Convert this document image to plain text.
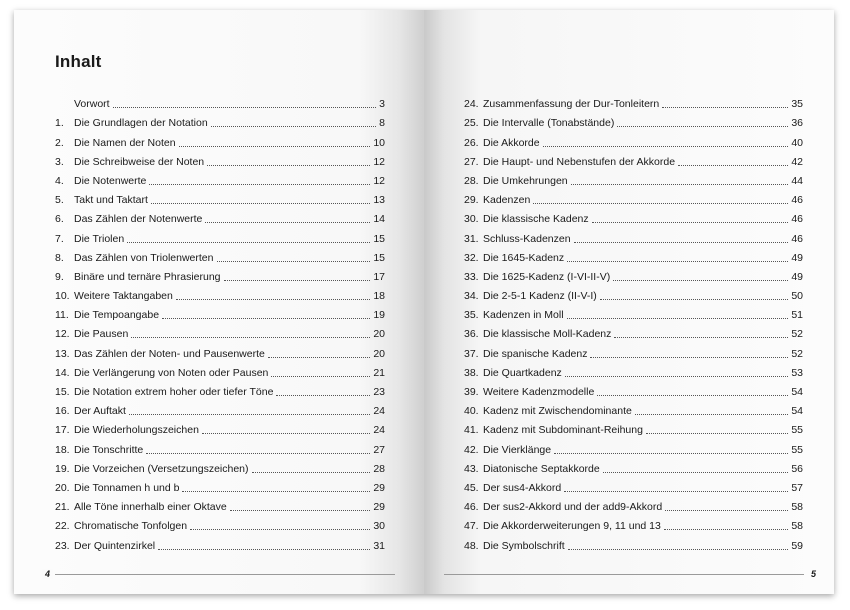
Inhalt
Vorwort	3
1. Die Grundlagen der Notation	8
2. Die Namen der Noten	10
3. Die Schreibweise der Noten	12
4. Die Notenwerte	12
5. Takt und Taktart	13
6. Das Zählen der Notenwerte	14
7. Die Triolen	15
8. Das Zählen von Triolenwerten	15
9. Binäre und ternäre Phrasierung	17
10. Weitere Taktangaben	18
11. Die Tempoangabe	19
12. Die Pausen	20
13. Das Zählen der Noten- und Pausenwerte	20
14. Die Verlängerung von Noten oder Pausen	21
15. Die Notation extrem hoher oder tiefer Töne	23
16. Der Auftakt	24
17. Die Wiederholungszeichen	24
18. Die Tonschritte	27
19. Die Vorzeichen (Versetzungszeichen)	28
20. Die Tonnamen h und b	29
21. Alle Töne innerhalb einer Oktave	29
22. Chromatische Tonfolgen	30
23. Der Quintenzirkel	31
4
24. Zusammenfassung der Dur-Tonleitern	35
25. Die Intervalle (Tonabstände)	36
26. Die Akkorde	40
27. Die Haupt- und Nebenstufen der Akkorde	42
28. Die Umkehrungen	44
29. Kadenzen	46
30. Die klassische Kadenz	46
31. Schluss-Kadenzen	46
32. Die 1645-Kadenz	49
33. Die 1625-Kadenz (I-VI-II-V)	49
34. Die 2-5-1 Kadenz (II-V-I)	50
35. Kadenzen in Moll	51
36. Die klassische Moll-Kadenz	52
37. Die spanische Kadenz	52
38. Die Quartkadenz	53
39. Weitere Kadenzmodelle	54
40. Kadenz mit Zwischendominante	54
41. Kadenz mit Subdominant-Reihung	55
42. Die Vierklänge	55
43. Diatonische Septakkorde	56
45. Der sus4-Akkord	57
46. Der sus2-Akkord und der add9-Akkord	58
47. Die Akkorderweiterungen 9, 11 und 13	58
48. Die Symbolschrift	59
5
